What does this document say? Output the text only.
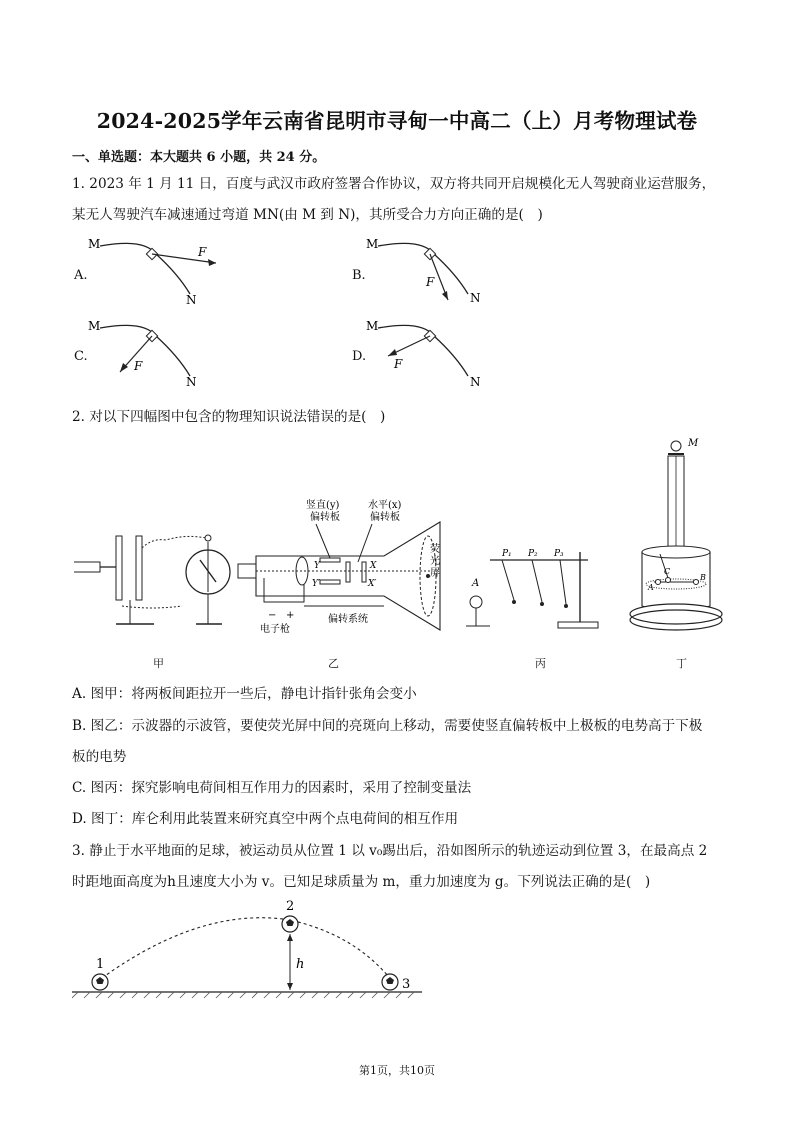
2024-2025学年云南省昆明市寻甸一中高二（上）月考物理试卷
一、单选题：本大题共 6 小题，共 24 分。
1. 2023 年 1 月 11 日，百度与武汉市政府签署合作协议，双方将共同开启规模化无人驾驶商业运营服务，
某无人驾驶汽车减速通过弯道 MN(由 M 到 N)，其所受合力方向正确的是(　)
A.	B.
C.	D.
M
N
F
M
N
F
M
N
F
M
N
F
2. 对以下四幅图中包含的物理知识说法错误的是(　)
甲
竖直(y)
偏转板
水平(x)
偏转板
荧
光
屏
电子枪
偏转系统
− +
Y
Y′
X
X′
乙
A
P₁ P₂ P₃
丙
M
A
B
C
丁
A. 图甲：将两板间距拉开一些后，静电计指针张角会变小
B. 图乙：示波器的示波管，要使荧光屏中间的亮斑向上移动，需要使竖直偏转板中上极板的电势高于下极
板的电势
C. 图丙：探究影响电荷间相互作用力的因素时，采用了控制变量法
D. 图丁：库仑利用此装置来研究真空中两个点电荷间的相互作用
3. 静止于水平地面的足球，被运动员从位置 1 以 v₀踢出后，沿如图所示的轨迹运动到位置 3，在最高点 2
时距地面高度为h且速度大小为 v。已知足球质量为 m，重力加速度为 g。下列说法正确的是(　)
1
2
3
h
第1页，共10页
